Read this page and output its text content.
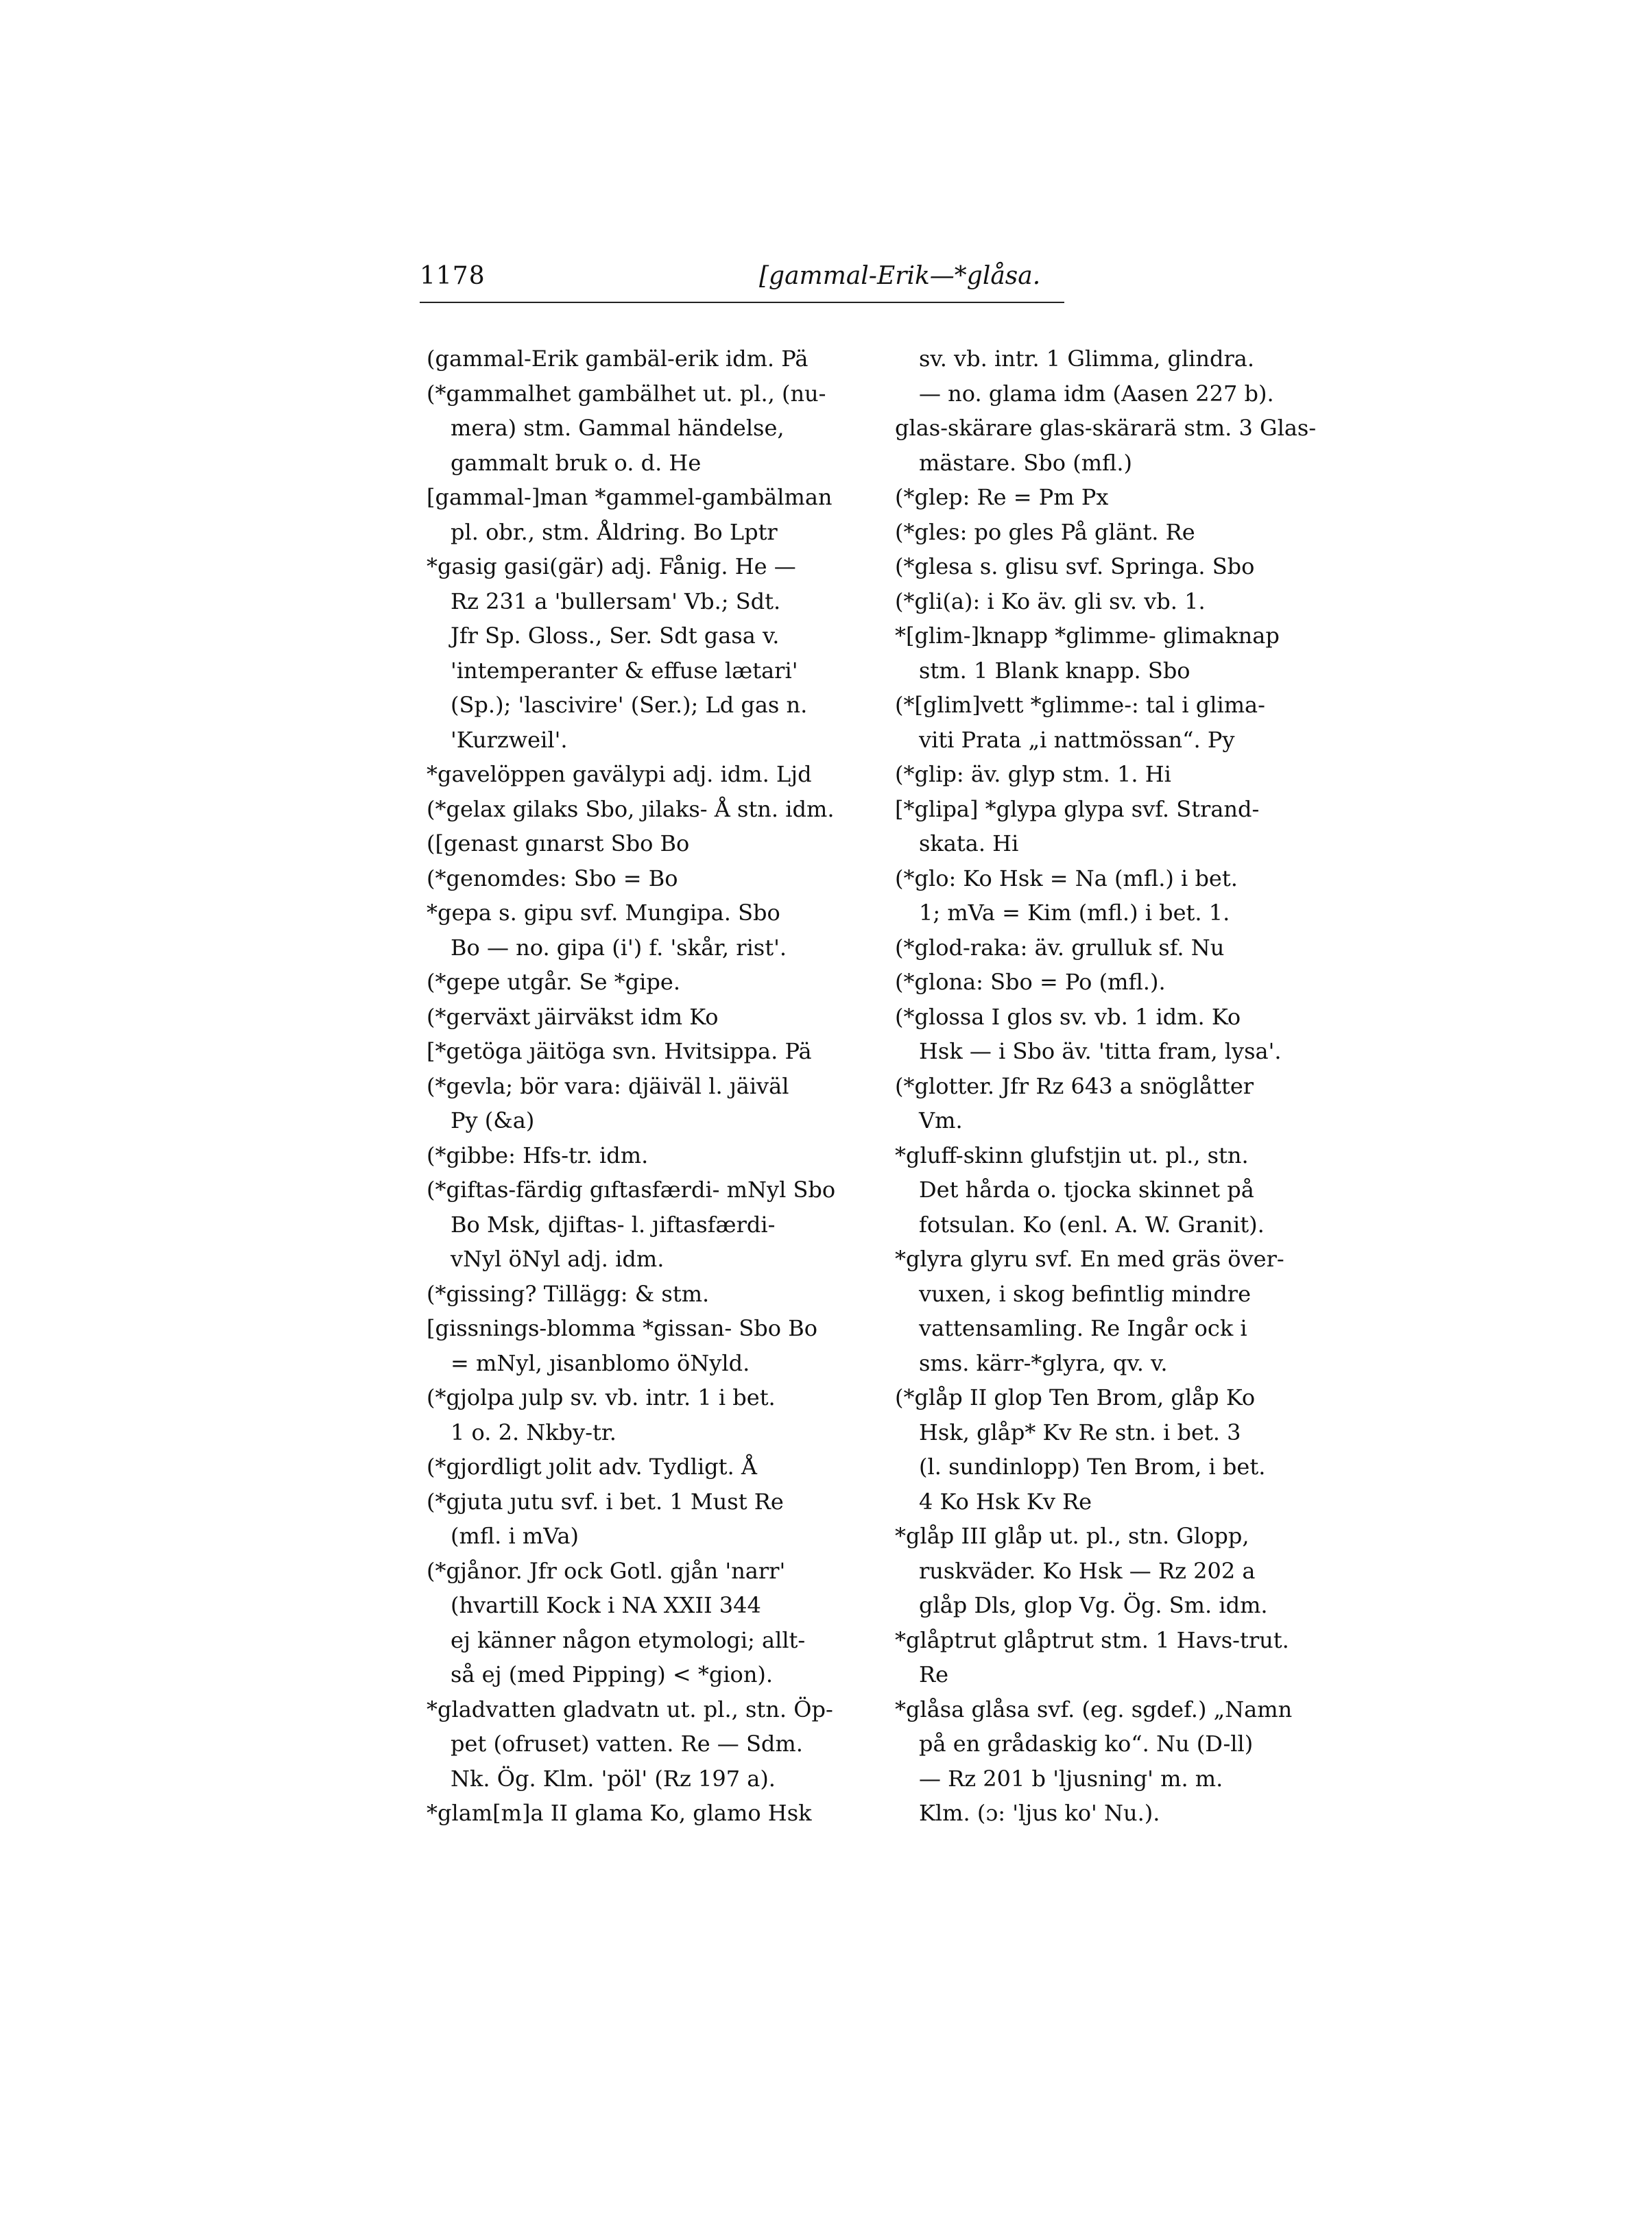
1178	[gammal-Erik—*glåsa.
(gammal-Erik gambäl-erik idm. Pä
(*gammalhet gambälhet ut. pl., (nu-
mera) stm. Gammal händelse,
gammalt bruk o. d. He
[gammal-]man *gammel-gambälman
pl. obr., stm. Åldring. Bo Lptr
*gasig gasi(gär) adj. Fånig. He —
Rz 231 a 'bullersam' Vb.; Sdt.
Jfr Sp. Gloss., Ser. Sdt gasa v.
'intemperanter & effuse lætari'
(Sp.); 'lascivire' (Ser.); Ld gas n.
'Kurzweil'.
*gavelöppen gavälypi adj. idm. Ljd
(*gelax gilaks Sbo, ȷilaks- Å stn. idm.
([genast gınarst Sbo Bo
(*genomdes: Sbo = Bo
*gepa s. gipu svf. Mungipa. Sbo
Bo — no. gipa (i') f. 'skår, rist'.
(*gepe utgår. Se *gipe.
(*gerväxt ȷäirväkst idm Ko
[*getöga ȷäitöga svn. Hvitsippa. Pä
(*gevla; bör vara: djäiväl l. ȷäiväl
Py (&a)
(*gibbe: Hfs-tr. idm.
(*giftas-färdig gıftasfærdi- mNyl Sbo
Bo Msk, djiftas- l. ȷiftasfærdi-
vNyl öNyl adj. idm.
(*gissing? Tillägg: & stm.
[gissnings-blomma *gissan- Sbo Bo
= mNyl, ȷisanblomo öNyld.
(*gjolpa ȷulp sv. vb. intr. 1 i bet.
1 o. 2. Nkby-tr.
(*gjordligt ȷolit adv. Tydligt. Å
(*gjuta ȷutu svf. i bet. 1 Must Re
(mfl. i mVa)
(*gjånor. Jfr ock Gotl. gjån 'narr'
(hvartill Kock i NA XXII 344
ej känner någon etymologi; allt-
så ej (med Pipping) < *gion).
*gladvatten gladvatn ut. pl., stn. Öp-
pet (ofruset) vatten. Re — Sdm.
Nk. Ög. Klm. 'pöl' (Rz 197 a).
*glam[m]a II glama Ko, glamo Hsk
sv. vb. intr. 1 Glimma, glindra.
— no. glama idm (Aasen 227 b).
glas-skärare glas-skärarä stm. 3 Glas-
mästare. Sbo (mfl.)
(*glep: Re = Pm Px
(*gles: po gles På glänt. Re
(*glesa s. glisu svf. Springa. Sbo
(*gli(a): i Ko äv. gli sv. vb. 1.
*[glim-]knapp *glimme- glimaknap
stm. 1 Blank knapp. Sbo
(*[glim]vett *glimme-: tal i glima-
viti Prata „i nattmössan“. Py
(*glip: äv. glyp stm. 1. Hi
[*glipa] *glypa glypa svf. Strand-
skata. Hi
(*glo: Ko Hsk = Na (mfl.) i bet.
1; mVa = Kim (mfl.) i bet. 1.
(*glod-raka: äv. grulluk sf. Nu
(*glona: Sbo = Po (mfl.).
(*glossa I glos sv. vb. 1 idm. Ko
Hsk — i Sbo äv. 'titta fram, lysa'.
(*glotter. Jfr Rz 643 a snöglåtter
Vm.
*gluff-skinn glufstjin ut. pl., stn.
Det hårda o. tjocka skinnet på
fotsulan. Ko (enl. A. W. Granit).
*glyra glyru svf. En med gräs över-
vuxen, i skog befintlig mindre
vattensamling. Re Ingår ock i
sms. kärr-*glyra, qv. v.
(*glåp II glop Ten Brom, glåp Ko
Hsk, glåp* Kv Re stn. i bet. 3
(l. sundinlopp) Ten Brom, i bet.
4 Ko Hsk Kv Re
*glåp III glåp ut. pl., stn. Glopp,
ruskväder. Ko Hsk — Rz 202 a
glåp Dls, glop Vg. Ög. Sm. idm.
*glåptrut glåptrut stm. 1 Havs-trut.
Re
*glåsa glåsa svf. (eg. sgdef.) „Namn
på en grådaskig ko“. Nu (D-ll)
— Rz 201 b 'ljusning' m. m.
Klm. (ɔ: 'ljus ko' Nu.).
